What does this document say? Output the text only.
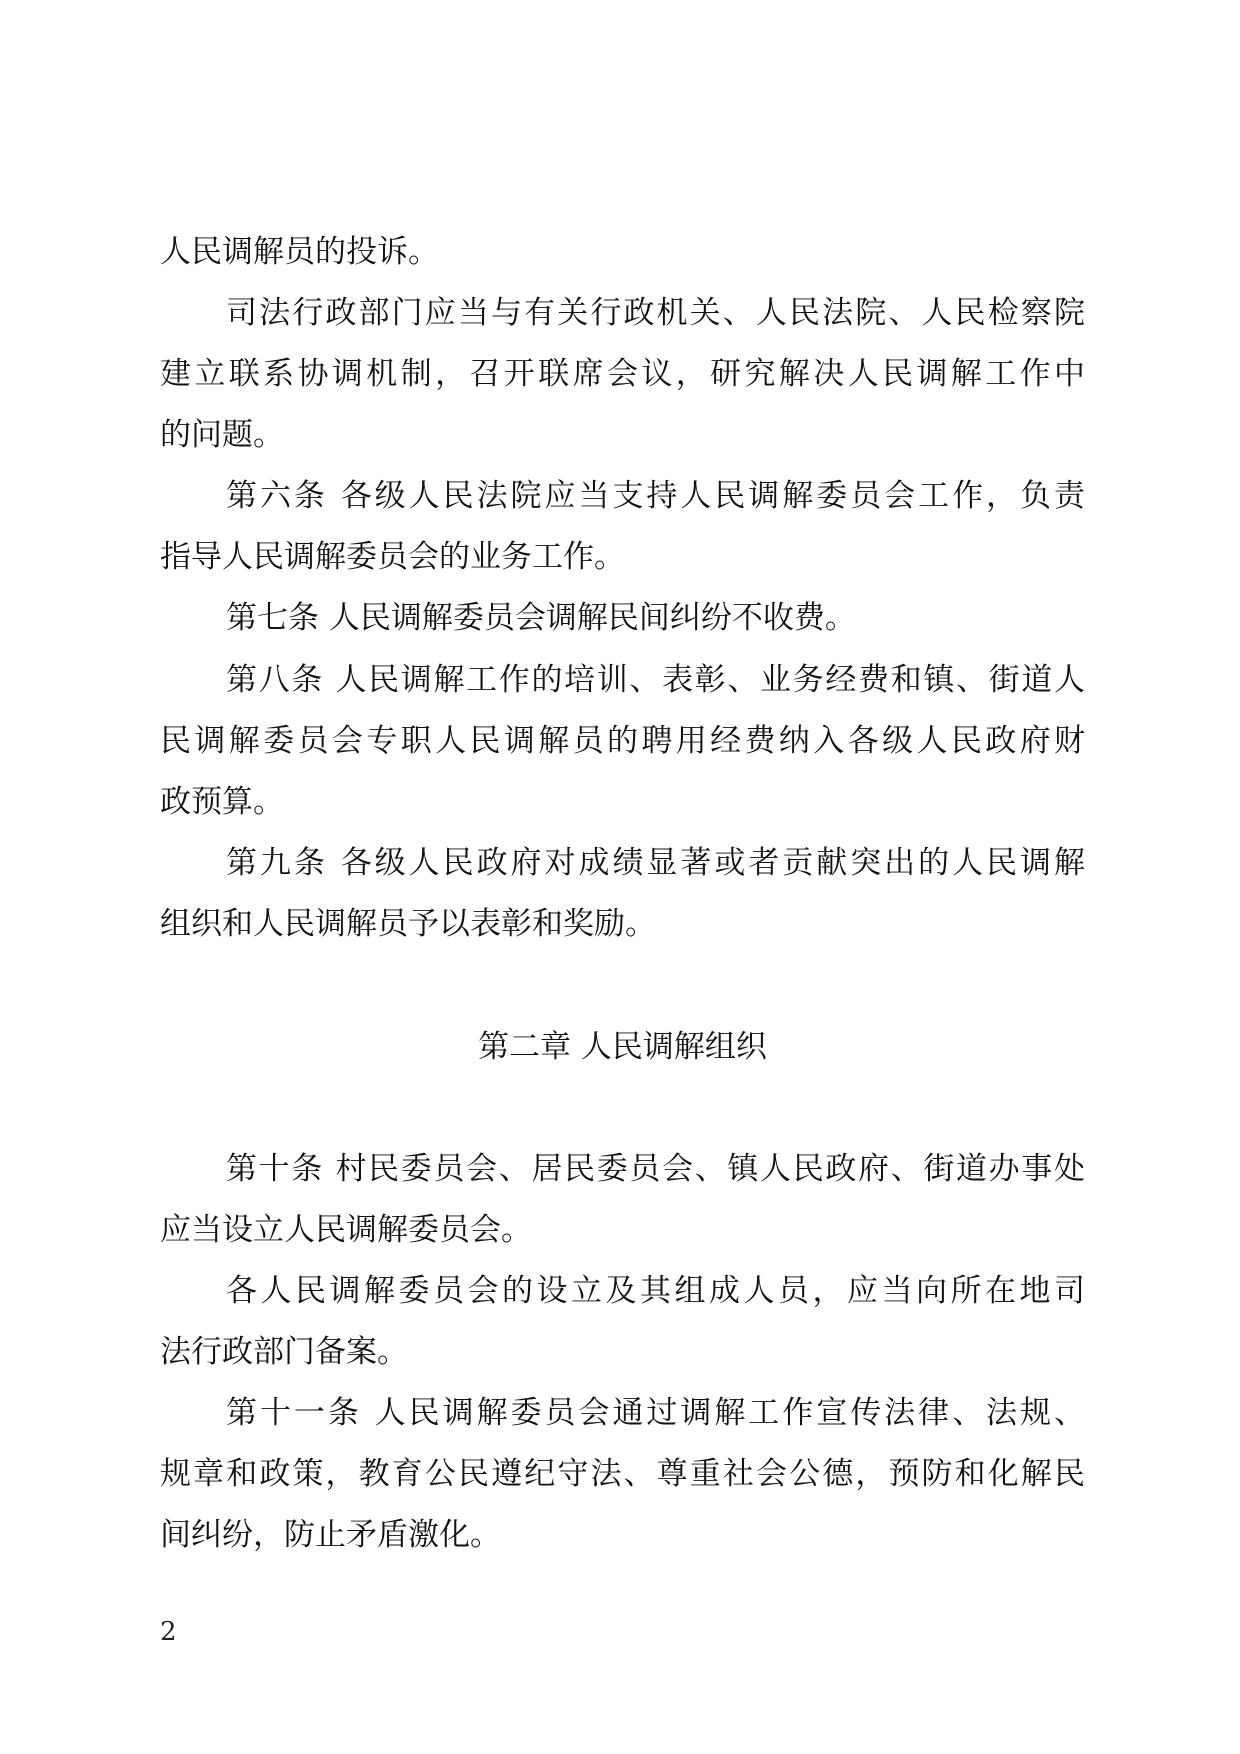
人民调解员的投诉。
司法行政部门应当与有关行政机关、人民法院、人民检察院
建立联系协调机制，召开联席会议，研究解决人民调解工作中
的问题。
第六条 各级人民法院应当支持人民调解委员会工作，负责
指导人民调解委员会的业务工作。
第七条 人民调解委员会调解民间纠纷不收费。
第八条 人民调解工作的培训、表彰、业务经费和镇、街道人
民调解委员会专职人民调解员的聘用经费纳入各级人民政府财
政预算。
第九条 各级人民政府对成绩显著或者贡献突出的人民调解
组织和人民调解员予以表彰和奖励。
第二章 人民调解组织
第十条 村民委员会、居民委员会、镇人民政府、街道办事处
应当设立人民调解委员会。
各人民调解委员会的设立及其组成人员，应当向所在地司
法行政部门备案。
第十一条 人民调解委员会通过调解工作宣传法律、法规、
规章和政策，教育公民遵纪守法、尊重社会公德，预防和化解民
间纠纷，防止矛盾激化。
2
